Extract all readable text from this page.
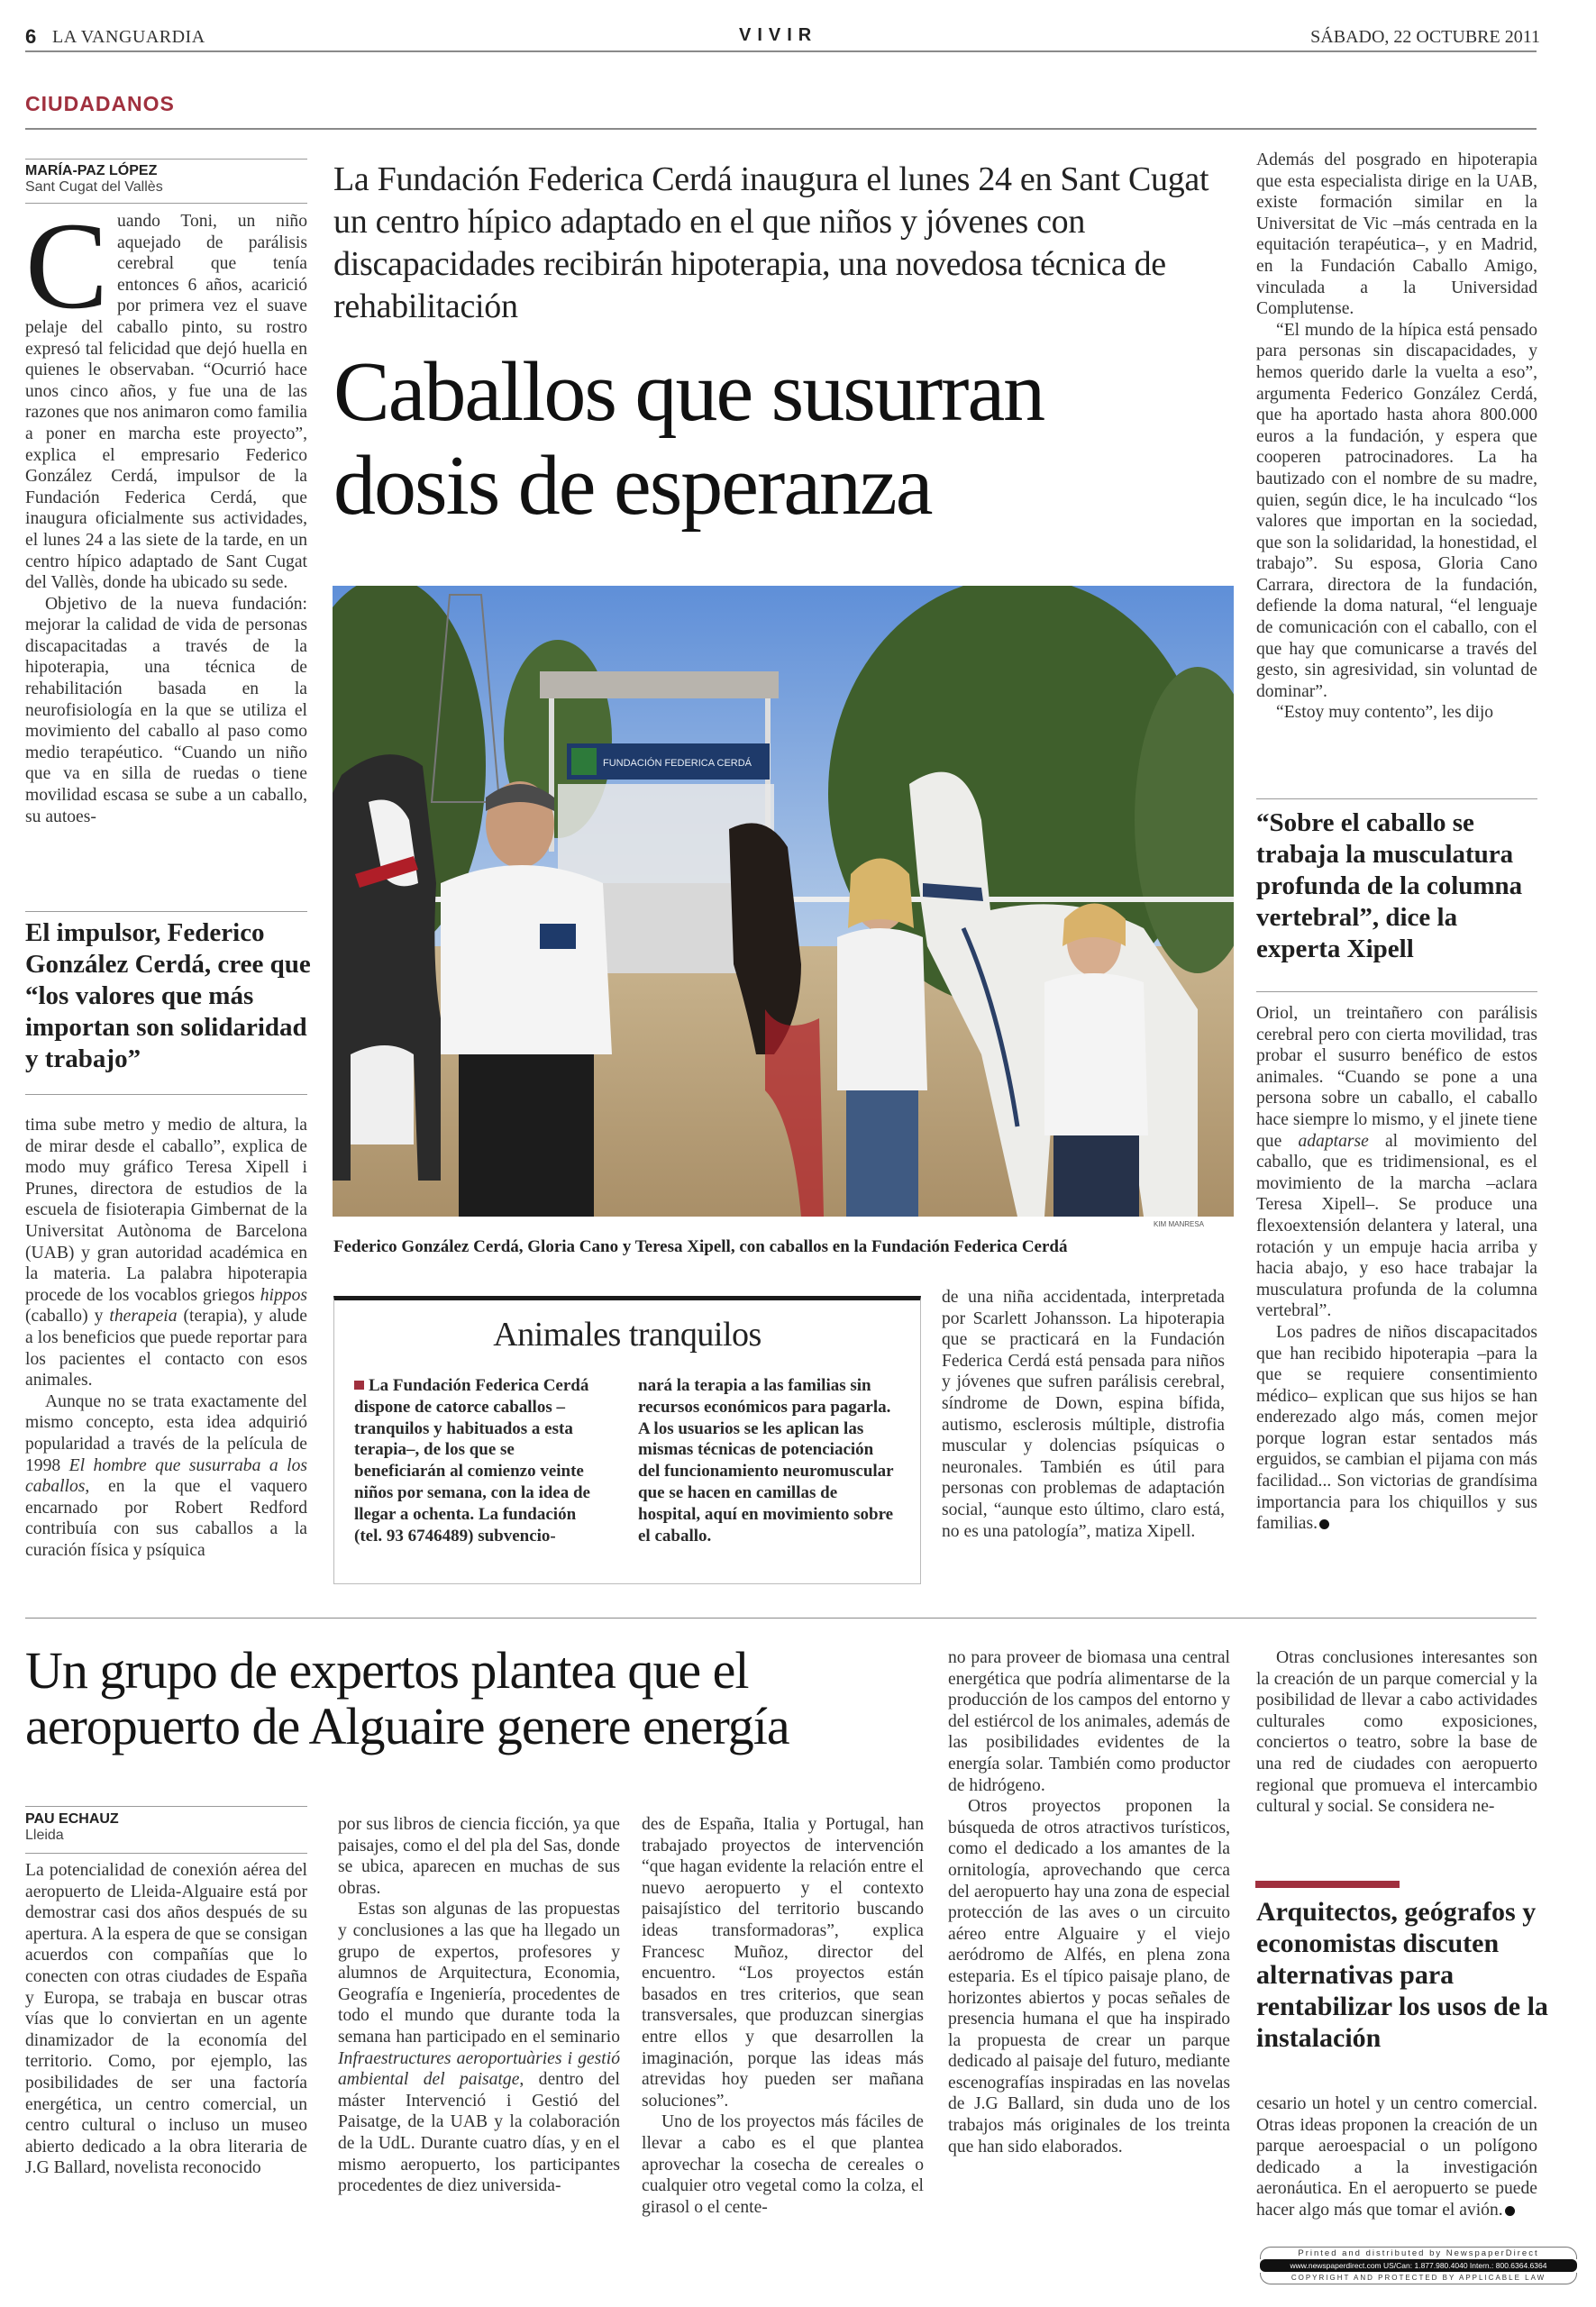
6 LA VANGUARDIA	VIVIR	SÁBADO, 22 OCTUBRE 2011
CIUDADANOS
MARÍA-PAZ LÓPEZ
Sant Cugat del Vallès

Cuando Toni, un niño aquejado de parálisis cerebral que tenía entonces 6 años, acarició por primera vez el suave pelaje del caballo pinto, su rostro expresó tal felicidad que dejó huella en quienes le observaban. “Ocurrió hace unos cinco años, y fue una de las razones que nos animaron como familia a poner en marcha este proyecto”, explica el empresario Federico González Cerdá, impulsor de la Fundación Federica Cerdá, que inaugura oficialmente sus actividades, el lunes 24 a las siete de la tarde, en un centro hípico adaptado de Sant Cugat del Vallès, donde ha ubicado su sede.

Objetivo de la nueva fundación: mejorar la calidad de vida de personas discapacitadas a través de la hipoterapia, una técnica de rehabilitación basada en la neurofisiología en la que se utiliza el movimiento del caballo al paso como medio terapéutico. “Cuando un niño que va en silla de ruedas o tiene movilidad escasa se sube a un caballo, su autoes-

El impulsor, Federico González Cerdá, cree que “los valores que más importan son solidaridad y trabajo”

tima sube metro y medio de altura, la de mirar desde el caballo”, explica de modo muy gráfico Teresa Xipell i Prunes, directora de estudios de la escuela de fisioterapia Gimbernat de la Universitat Autònoma de Barcelona (UAB) y gran autoridad académica en la materia. La palabra hipoterapia procede de los vocablos griegos hippos (caballo) y therapeia (terapia), y alude a los beneficios que puede reportar para los pacientes el contacto con esos animales.

Aunque no se trata exactamente del mismo concepto, esta idea adquirió popularidad a través de la película de 1998 El hombre que susurraba a los caballos, en la que el vaquero encarnado por Robert Redford contribuía con sus caballos a la curación física y psíquica

La Fundación Federica Cerdá inaugura el lunes 24 en Sant Cugat un centro hípico adaptado en el que niños y jóvenes con discapacidades recibirán hipoterapia, una novedosa técnica de rehabilitación
Caballos que susurran
dosis de esperanza
FUNDACIÓN FEDERICA CERDÁ
KIM MANRESA
Federico González Cerdá, Gloria Cano y Teresa Xipell, con caballos en la Fundación Federica Cerdá
Animales tranquilos
La Fundación Federica Cerdá dispone de catorce caballos –tranquilos y habituados a esta terapia–, de los que se beneficiarán al comienzo veinte niños por semana, con la idea de llegar a ochenta. La fundación (tel. 93 6746489) subvencio-
nará la terapia a las familias sin recursos económicos para pagarla. A los usuarios se les aplican las mismas técnicas de potenciación del funcionamiento neuromuscular que se hacen en camillas de hospital, aquí en movimiento sobre el caballo.

de una niña accidentada, interpretada por Scarlett Johansson. La hipoterapia que se practicará en la Fundación Federica Cerdá está pensada para niños y jóvenes que sufren parálisis cerebral, síndrome de Down, espina bífida, autismo, esclerosis múltiple, distrofia muscular y dolencias psíquicas o neuronales. También es útil para personas con problemas de adaptación social, “aunque esto último, claro está, no es una patología”, matiza Xipell.

Además del posgrado en hipoterapia que esta especialista dirige en la UAB, existe formación similar en la Universitat de Vic –más centrada en la equitación terapéutica–, y en Madrid, en la Fundación Caballo Amigo, vinculada a la Universidad Complutense.

“El mundo de la hípica está pensado para personas sin discapacidades, y hemos querido darle la vuelta a eso”, argumenta Federico González Cerdá, que ha aportado hasta ahora 800.000 euros a la fundación, y espera que cooperen patrocinadores. La ha bautizado con el nombre de su madre, quien, según dice, le ha inculcado “los valores que importan en la sociedad, que son la solidaridad, la honestidad, el trabajo”. Su esposa, Gloria Cano Carrara, directora de la fundación, defiende la doma natural, “el lenguaje de comunicación con el caballo, con el que hay que comunicarse a través del gesto, sin agresividad, sin voluntad de dominar”.

“Estoy muy contento”, les dijo

“Sobre el caballo se trabaja la musculatura profunda de la columna vertebral”, dice la experta Xipell

Oriol, un treintañero con parálisis cerebral pero con cierta movilidad, tras probar el susurro benéfico de estos animales. “Cuando se pone a una persona sobre un caballo, el caballo hace siempre lo mismo, y el jinete tiene que adaptarse al movimiento del caballo, que es tridimensional, es el movimiento de la marcha –aclara Teresa Xipell–. Se produce una flexoextensión delantera y lateral, una rotación y un empuje hacia arriba y hacia abajo, y eso hace trabajar la musculatura profunda de la columna vertebral”.

Los padres de niños discapacitados que han recibido hipoterapia –para la que se requiere consentimiento médico– explican que sus hijos se han enderezado algo más, comen mejor porque logran estar sentados más erguidos, se cambian el pijama con más facilidad... Son victorias de grandísima importancia para los chiquillos y sus familias.

Un grupo de expertos plantea que el
aeropuerto de Alguaire genere energía
PAU ECHAUZ
Lleida

La potencialidad de conexión aérea del aeropuerto de Lleida-Alguaire está por demostrar casi dos años después de su apertura. A la espera de que se consigan acuerdos con compañías que lo conecten con otras ciudades de España y Europa, se trabaja en buscar otras vías que lo conviertan en un agente dinamizador de la economía del territorio. Como, por ejemplo, las posibilidades de ser una factoría energética, un centro comercial, un centro cultural o incluso un museo abierto dedicado a la obra literaria de J.G Ballard, novelista reconocido

por sus libros de ciencia ficción, ya que paisajes, como el del pla del Sas, donde se ubica, aparecen en muchas de sus obras.

Estas son algunas de las propuestas y conclusiones a las que ha llegado un grupo de expertos, profesores y alumnos de Arquitectura, Economia, Geografía e Ingeniería, procedentes de todo el mundo que durante toda la semana han participado en el seminario Infraestructures aeroportuàries i gestió ambiental del paisatge, dentro del máster Intervenció i Gestió del Paisatge, de la UAB y la colaboración de la UdL. Durante cuatro días, y en el mismo aeropuerto, los participantes procedentes de diez universida-

des de España, Italia y Portugal, han trabajado proyectos de intervención “que hagan evidente la relación entre el nuevo aeropuerto y el contexto paisajístico del territorio buscando ideas transformadoras”, explica Francesc Muñoz, director del encuentro. “Los proyectos están basados en tres criterios, que sean transversales, que produzcan sinergias entre ellos y que desarrollen la imaginación, porque las ideas más atrevidas hoy pueden ser mañana soluciones”.

Uno de los proyectos más fáciles de llevar a cabo es el que plantea aprovechar la cosecha de cereales o cualquier otro vegetal como la colza, el girasol o el cente-

no para proveer de biomasa una central energética que podría alimentarse de la producción de los campos del entorno y del estiércol de los animales, además de las posibilidades evidentes de la energía solar. También como productor de hidrógeno.

Otros proyectos proponen la búsqueda de otros atractivos turísticos, como el dedicado a los amantes de la ornitología, aprovechando que cerca del aeropuerto hay una zona de especial protección de las aves o un circuito aéreo entre Alguaire y el viejo aeródromo de Alfés, en plena zona esteparia. Es el típico paisaje plano, de horizontes abiertos y pocas señales de presencia humana el que ha inspirado la propuesta de crear un parque dedicado al paisaje del futuro, mediante escenografías inspiradas en las novelas de J.G Ballard, sin duda uno de los trabajos más originales de los treinta que han sido elaborados.

Otras conclusiones interesantes son la creación de un parque comercial y la posibilidad de llevar a cabo actividades culturales como exposiciones, conciertos o teatro, sobre la base de una red de ciudades con aeropuerto regional que promueva el intercambio cultural y social. Se considera ne-

Arquitectos, geógrafos y economistas discuten alternativas para rentabilizar los usos de la instalación

cesario un hotel y un centro comercial. Otras ideas proponen la creación de un parque aeroespacial o un polígono dedicado a la investigación aeronáutica. En el aeropuerto se puede hacer algo más que tomar el avión.

Printed and distributed by NewspaperDirect
www.newspaperdirect.com US/Can: 1.877.980.4040 Intern.: 800.6364.6364
COPYRIGHT AND PROTECTED BY APPLICABLE LAW
